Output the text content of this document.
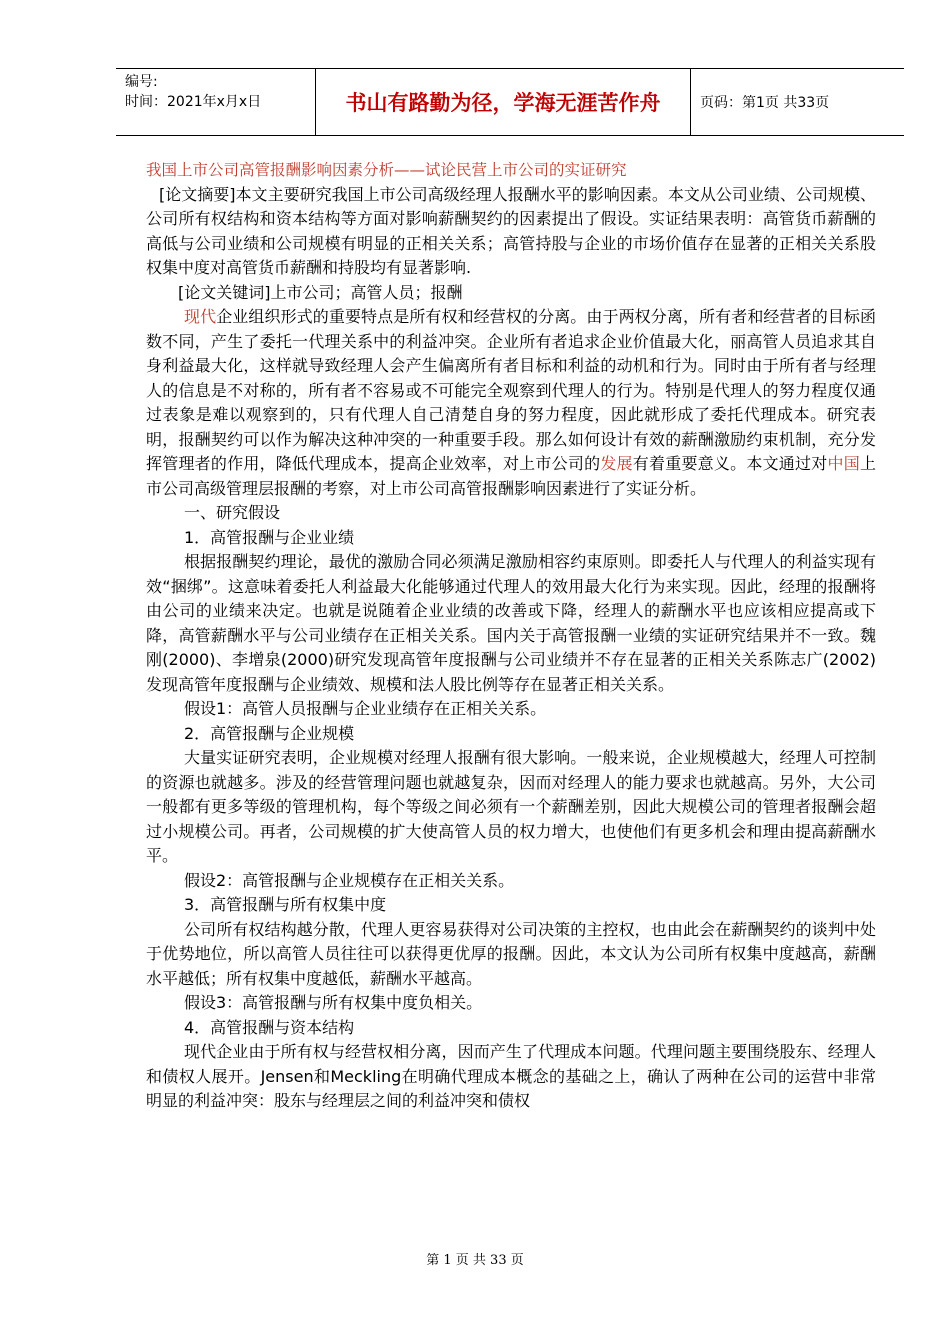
编号:
时间：2021年x月x日	书山有路勤为径，学海无涯苦作舟	页码：第1页 共33页

我国上市公司高管报酬影响因素分析——试论民营上市公司的实证研究

[论文摘要]本文主要研究我国上市公司高级经理人报酬水平的影响因素。本文从公司业绩、公司规模、公司所有权结构和资本结构等方面对影响薪酬契约的因素提出了假设。实证结果表明：高管货币薪酬的高低与公司业绩和公司规模有明显的正相关关系；高管持股与企业的市场价值存在显著的正相关关系股权集中度对高管货币薪酬和持股均有显著影响.

[论文关键词]上市公司；高管人员；报酬

现代企业组织形式的重要特点是所有权和经营权的分离。由于两权分离，所有者和经营者的目标函数不同，产生了委托一代理关系中的利益冲突。企业所有者追求企业价值最大化，丽高管人员追求其自身利益最大化，这样就导致经理人会产生偏离所有者目标和利益的动机和行为。同时由于所有者与经理人的信息是不对称的，所有者不容易或不可能完全观察到代理人的行为。特别是代理人的努力程度仅通过表象是难以观察到的，只有代理人自己清楚自身的努力程度，因此就形成了委托代理成本。研究表明，报酬契约可以作为解决这种冲突的一种重要手段。那么如何设计有效的薪酬激励约束机制，充分发挥管理者的作用，降低代理成本，提高企业效率，对上市公司的发展有着重要意义。本文通过对中国上市公司高级管理层报酬的考察，对上市公司高管报酬影响因素进行了实证分析。

一、研究假设

1．高管报酬与企业业绩

根据报酬契约理论，最优的激励合同必须满足激励相容约束原则。即委托人与代理人的利益实现有效“捆绑”。这意味着委托人利益最大化能够通过代理人的效用最大化行为来实现。因此，经理的报酬将由公司的业绩来决定。也就是说随着企业业绩的改善或下降，经理人的薪酬水平也应该相应提高或下降，高管薪酬水平与公司业绩存在正相关关系。国内关于高管报酬一业绩的实证研究结果并不一致。魏刚(2000)、李增泉(2000)研究发现高管年度报酬与公司业绩并不存在显著的正相关关系陈志广(2002)发现高管年度报酬与企业绩效、规模和法人股比例等存在显著正相关关系。

假设1：高管人员报酬与企业业绩存在正相关关系。

2．高管报酬与企业规模

大量实证研究表明，企业规模对经理人报酬有很大影响。一般来说，企业规模越大，经理人可控制的资源也就越多。涉及的经营管理问题也就越复杂，因而对经理人的能力要求也就越高。另外，大公司一般都有更多等级的管理机构，每个等级之间必须有一个薪酬差别，因此大规模公司的管理者报酬会超过小规模公司。再者，公司规模的扩大使高管人员的权力增大，也使他们有更多机会和理由提高薪酬水平。

假设2：高管报酬与企业规模存在正相关关系。

3．高管报酬与所有权集中度

公司所有权结构越分散，代理人更容易获得对公司决策的主控权，也由此会在薪酬契约的谈判中处于优势地位，所以高管人员往往可以获得更优厚的报酬。因此，本文认为公司所有权集中度越高，薪酬水平越低；所有权集中度越低，薪酬水平越高。

假设3：高管报酬与所有权集中度负相关。

4．高管报酬与资本结构

现代企业由于所有权与经营权相分离，因而产生了代理成本问题。代理问题主要围绕股东、经理人和债权人展开。Jensen和Meckling在明确代理成本概念的基础之上，确认了两种在公司的运营中非常明显的利益冲突：股东与经理层之间的利益冲突和债权

第 1 页 共 33 页
